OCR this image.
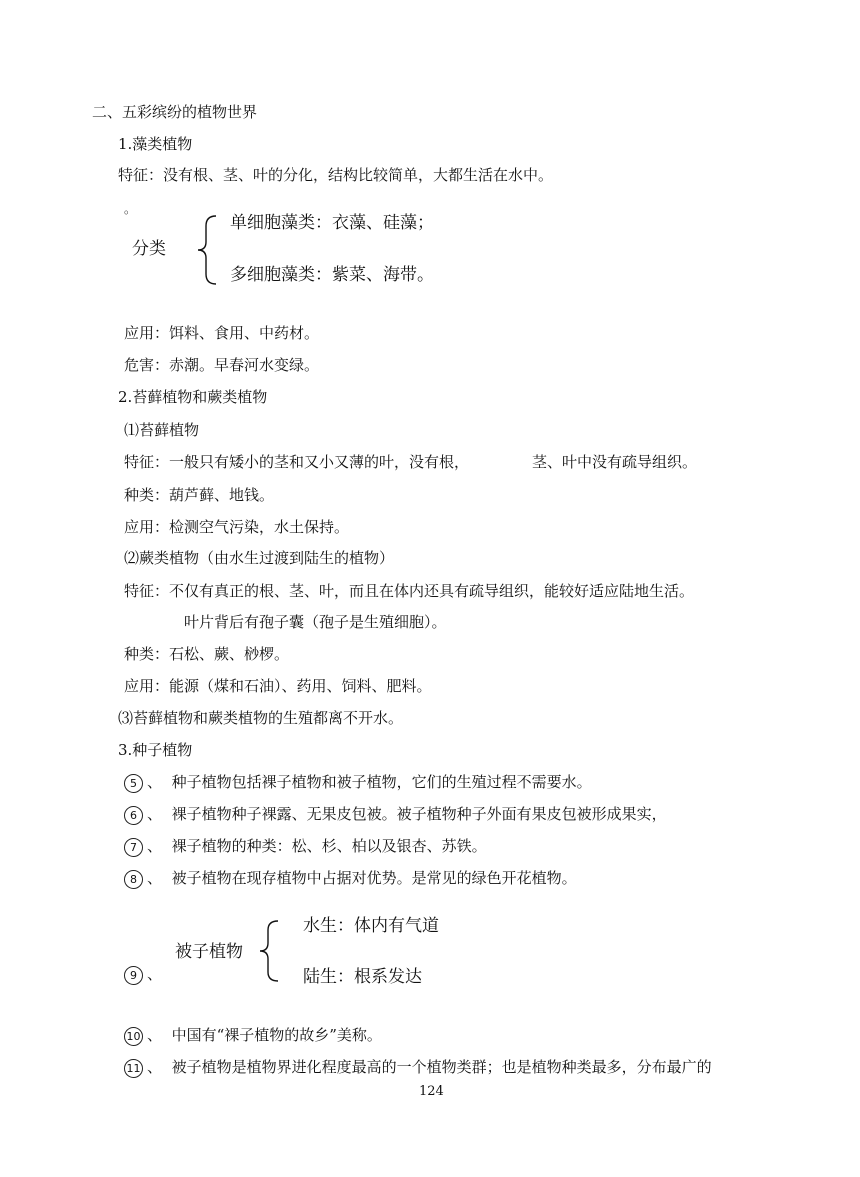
二、五彩缤纷的植物世界
1.藻类植物
特征：没有根、茎、叶的分化，结构比较简单，大都生活在水中。
。
分类
单细胞藻类：衣藻、硅藻；
多细胞藻类：紫菜、海带。
应用：饵料、食用、中药材。
危害：赤潮。早春河水变绿。
2.苔藓植物和蕨类植物
⑴苔藓植物
特征：一般只有矮小的茎和又小又薄的叶，没有根，	茎、叶中没有疏导组织。
种类：葫芦藓、地钱。
应用：检测空气污染，水土保持。
⑵蕨类植物（由水生过渡到陆生的植物）
特征：不仅有真正的根、茎、叶，而且在体内还具有疏导组织，能较好适应陆地生活。
叶片背后有孢子囊（孢子是生殖细胞）。
种类：石松、蕨、桫椤。
应用：能源（煤和石油）、药用、饲料、肥料。
⑶苔藓植物和蕨类植物的生殖都离不开水。
3.种子植物
5 、 种子植物包括裸子植物和被子植物，它们的生殖过程不需要水。
6 、 裸子植物种子裸露、无果皮包被。被子植物种子外面有果皮包被形成果实，
7 、 裸子植物的种类：松、杉、柏以及银杏、苏铁。
8 、 被子植物在现存植物中占据对优势。是常见的绿色开花植物。
9 、
被子植物
水生：体内有气道
陆生：根系发达
10 、 中国有“裸子植物的故乡”美称。
11 、 被子植物是植物界进化程度最高的一个植物类群；也是植物种类最多，分布最广的
124
